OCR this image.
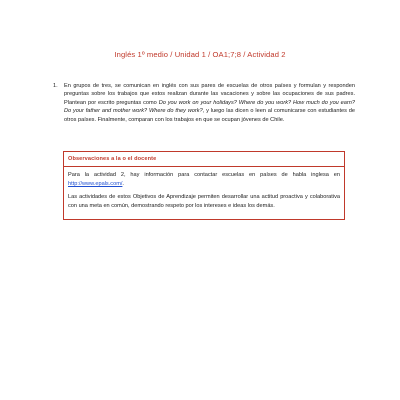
Inglés 1º medio / Unidad 1 / OA1;7;8 / Actividad 2
1. En grupos de tres, se comunican en inglés con sus pares de escuelas de otros países y formulan y responden preguntas sobre los trabajos que estos realizan durante las vacaciones y sobre las ocupaciones de sus padres. Plantean por escrito preguntas como Do you work on your holidays? Where do you work? How much do you earn? Do your father and mother work? Where do they work?, y luego las dicen o leen al comunicarse con estudiantes de otros países. Finalmente, comparan con los trabajos en que se ocupan jóvenes de Chile.
Observaciones a la o el docente

Para la actividad 2, hay información para contactar escuelas en países de habla inglesa en http://www.epals.com/.

Las actividades de estos Objetivos de Aprendizaje permiten desarrollar una actitud proactiva y colaborativa con una meta en común, demostrando respeto por los intereses e ideas los demás.
